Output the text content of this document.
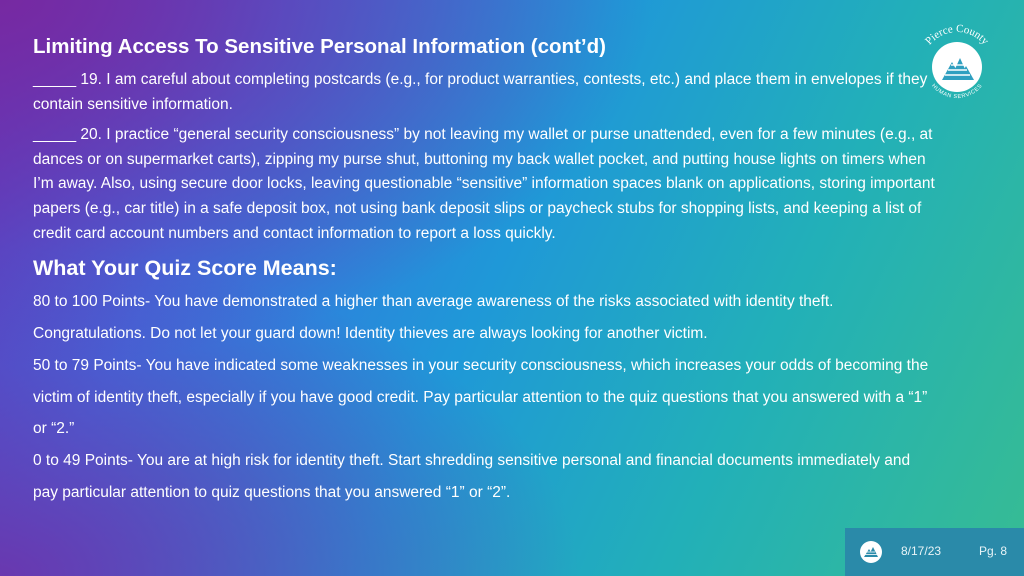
Limiting Access To Sensitive Personal Information (cont’d)

_____ 19. I am careful about completing postcards (e.g., for product warranties, contests, etc.) and place them in envelopes if they contain sensitive information.

_____ 20. I practice “general security consciousness” by not leaving my wallet or purse unattended, even for a few minutes (e.g., at dances or on supermarket carts), zipping my purse shut, buttoning my back wallet pocket, and putting house lights on timers when I’m away. Also, using secure door locks, leaving questionable “sensitive” information spaces blank on applications, storing important papers (e.g., car title) in a safe deposit box, not using bank deposit slips or paycheck stubs for shopping lists, and keeping a list of credit card account numbers and contact information to report a loss quickly.

What Your Quiz Score Means:

80 to 100 Points- You have demonstrated a higher than average awareness of the risks associated with identity theft. Congratulations. Do not let your guard down! Identity thieves are always looking for another victim.

50 to 79 Points- You have indicated some weaknesses in your security consciousness, which increases your odds of becoming the victim of identity theft, especially if you have good credit. Pay particular attention to the quiz questions that you answered with a “1” or “2.”

0 to 49 Points- You are at high risk for identity theft. Start shredding sensitive personal and financial documents immediately and pay particular attention to quiz questions that you answered “1” or “2”.

Pierce County
HUMAN SERVICES
8/17/23	Pg. 8
